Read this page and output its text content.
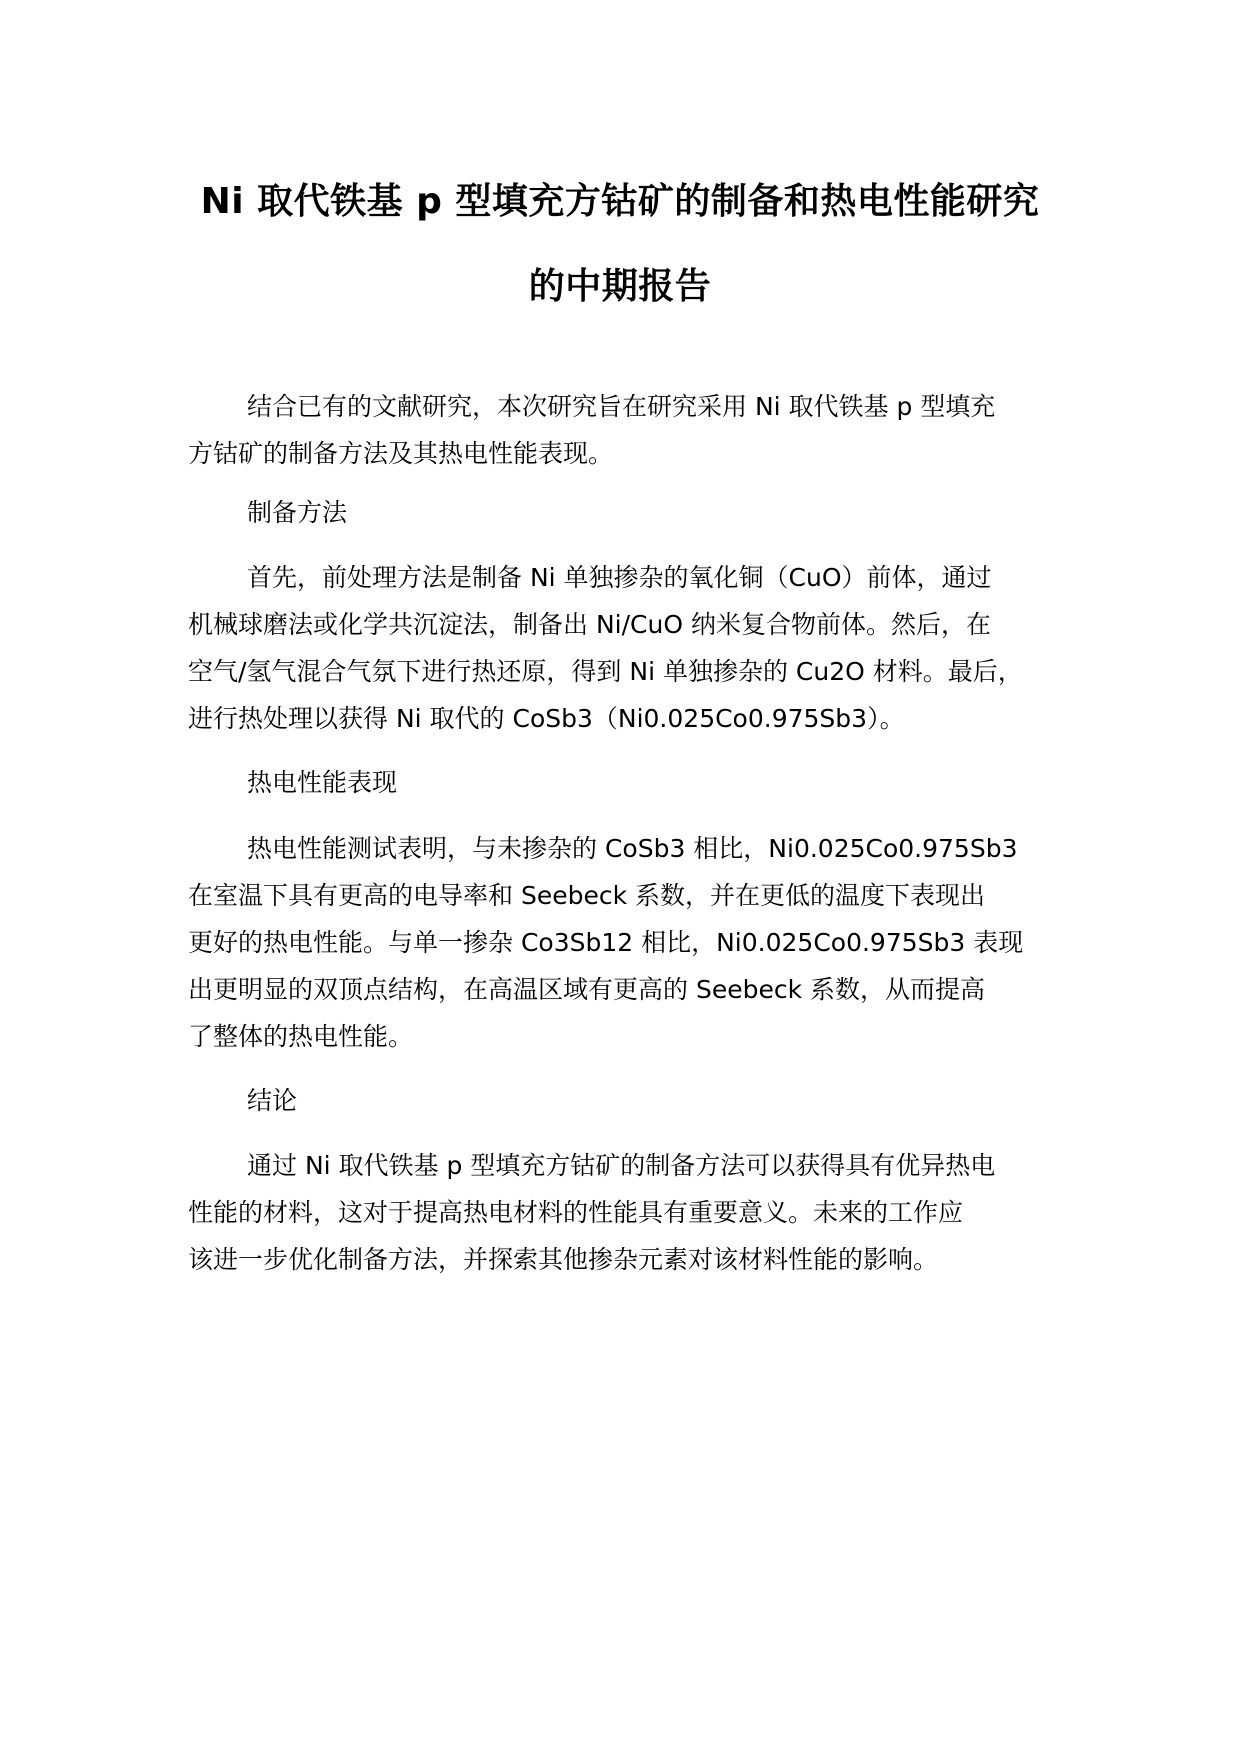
Ni 取代铁基 p 型填充方钴矿的制备和热电性能研究
的中期报告
结合已有的文献研究，本次研究旨在研究采用 Ni 取代铁基 p 型填充
方钴矿的制备方法及其热电性能表现。
制备方法
首先，前处理方法是制备 Ni 单独掺杂的氧化铜（CuO）前体，通过
机械球磨法或化学共沉淀法，制备出 Ni/CuO 纳米复合物前体。然后，在
空气/氢气混合气氛下进行热还原，得到 Ni 单独掺杂的 Cu2O 材料。最后，
进行热处理以获得 Ni 取代的 CoSb3（Ni0.025Co0.975Sb3）。
热电性能表现
热电性能测试表明，与未掺杂的 CoSb3 相比，Ni0.025Co0.975Sb3
在室温下具有更高的电导率和 Seebeck 系数，并在更低的温度下表现出
更好的热电性能。与单一掺杂 Co3Sb12 相比，Ni0.025Co0.975Sb3 表现
出更明显的双顶点结构，在高温区域有更高的 Seebeck 系数，从而提高
了整体的热电性能。
结论
通过 Ni 取代铁基 p 型填充方钴矿的制备方法可以获得具有优异热电
性能的材料，这对于提高热电材料的性能具有重要意义。未来的工作应
该进一步优化制备方法，并探索其他掺杂元素对该材料性能的影响。
